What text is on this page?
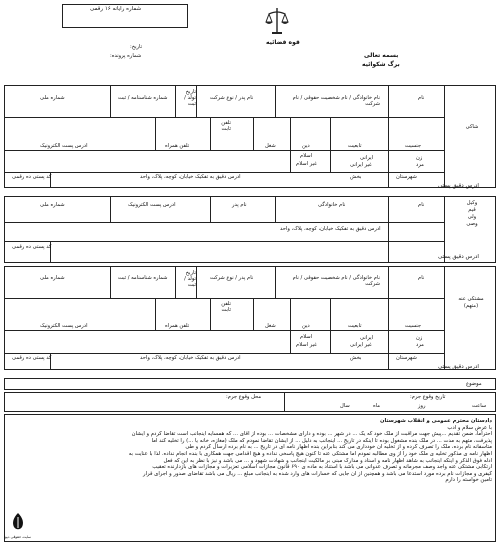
شماره رایانه ۱۶ رقمی
تاریخ:
شماره پرونده:
قوه قضائیه
بسمه تعالی
برگ شکوائیه
شاکی
نام
نام خانوادگی / نام شخصیت حقوقی / نام شرکت
نام پدر / نوع شرکت
تاریخ تولد / ثبت
شماره شناسنامه / ثبت
شماره ملی
جنسیت
تابعیت
دین
شغل
تلفن ثابت
تلفن همراه
ادرس پست الکترونیک
زن
مرد
ایرانی
غیر ایرانی
اسلام
غیر اسلام
ادرس دقیق پستی
شهرستان
بخش
ادرس دقیق به تفکیک خیابان، کوچه، پلاک، واحد
کد پستی ده رقمی
وکیل
قیم
ولی
وصی
نام
نام خانوادگی
نام پدر
ادرس پست الکترونیک
شماره ملی
ادرس دقیق به تفکیک خیابان، کوچه، پلاک، واحد
کد پستی ده رقمی
ادرس دقیق پستی
مشتکی عنه
(متهم)
نام
نام خانوادگی / نام شخصیت حقوقی / نام شرکت
نام پدر / نوع شرکت
تاریخ تولد / ثبت
شماره شناسنامه / ثبت
شماره ملی
جنسیت
تابعیت
دین
شغل
تلفن ثابت
تلفن همراه
ادرس پست الکترونیک
زن
مرد
ایرانی
غیر ایرانی
اسلام
غیر اسلام
ادرس دقیق پستی
شهرستان
بخش
ادرس دقیق به تفکیک خیابان، کوچه، پلاک، واحد
کد پستی ده رقمی
موضوع
تاریخ وقوع جرم:
ساعت
روز
ماه
سال
محل وقوع جرم:
دادستان محترم عمومی و انقلاب شهرستان
با عرض سلام و ادب
احتراماً، ضمن تقدیم ...پیش جهت مراقبت از ملک خود که یک ... در شهر ... بوده و دارای مشخصات ... بوده از آقای ... که همسایه اینجانب است تقاضا کردم و ایشان
پذیرفت، متهم به مدت ... در ملک بنده مشغول بوده تا اینکه در تاریخ ... اینجانب به دلیل ... از ایشان تقاضا نمودم که ملک (مغازه، خانه یا ...) را تخلیه کند اما
متاسفانه نام برده، ملک را تصرف کرده و از تخلیه آن خودداری می کند بنابراین بنده اظهار نامه ای در تاریخ ... به نام برده ارسال کردم و طی
اظهار نامه ی مذکور تخلیه ی ملک خود را از وی مطالبه نمودم اما مشتکی عنه تا کنون هیچ پاسخی نداده و هیچ اقدامی جهت همکاری با بنده انجام نداده. لذا با عنایت به
ادله فوق الذکر و اینکه اینجانب به شاهد اظهار نامه و اسناد و مدارک مبنی بر مالکیت اینجانب و شهادت شهود و ... می باشد و نیز با نظر به این که فعل
ارتکابی مشتکی عنه واجد وصف مجرمانه و تصرف عدوانی می باشد با استناد به ماده ی ۶۹۰ قانون مجازات اسلامی تعزیرات و مجازات های بازدارنده تعقیب
کیفری و مجازات نام برده مورد استدعا می باشد و همچنین از آن جایی که خسارات های وارد شده به اینجانب مبلغ ... ریال می باشد تقاضای صدور و اجرای قرار
تامین خواسته را دارم
سایت حقوقی دیوا
